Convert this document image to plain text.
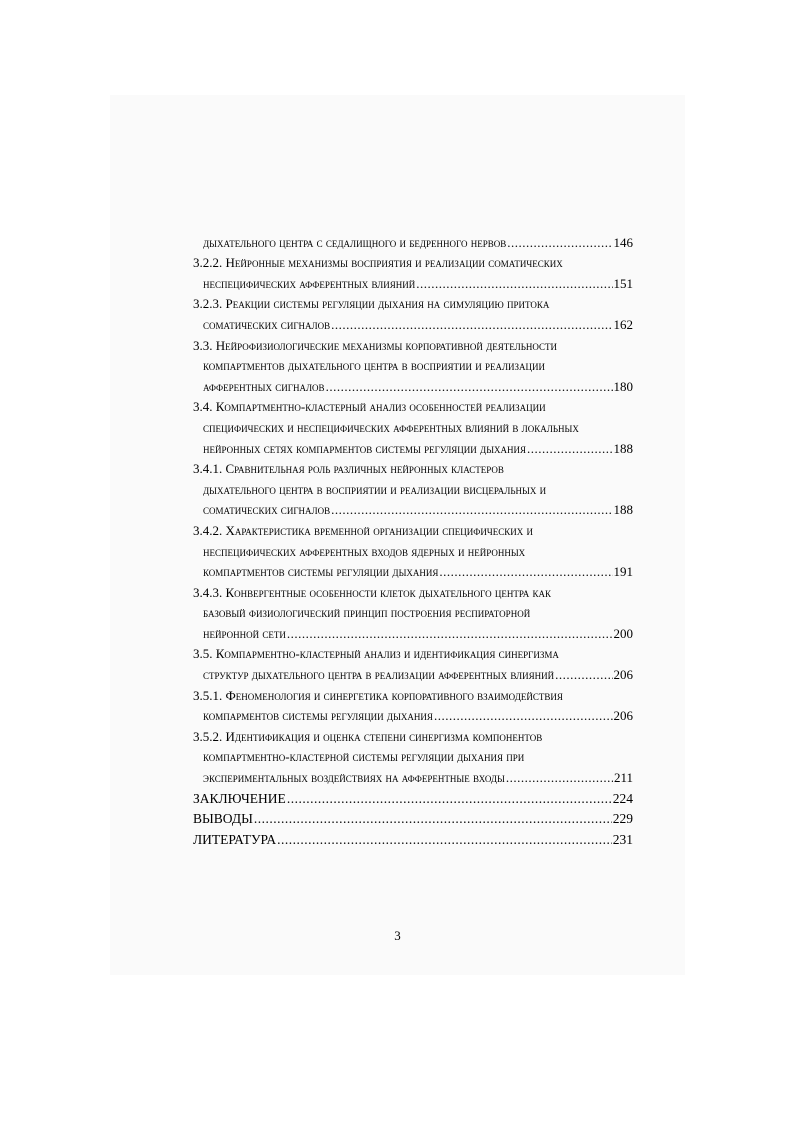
дыхательного центра с седалищного и бедренного нервов .....	146
3.2.2. Нейронные механизмы восприятия и реализации соматических
неспецифических афферентных влияний .....	151
3.2.3. Реакции системы регуляции дыхания на симуляцию притока
соматических сигналов .....	162
3.3. Нейрофизиологические механизмы корпоративной деятельности
компартментов дыхательного центра в восприятии и реализации
афферентных сигналов .....	180
3.4. Компартментно-кластерный анализ особенностей реализации
специфических и неспецифических афферентных влияний в локальных
нейронных сетях компарментов системы регуляции дыхания .....	188
3.4.1. Сравнительная роль различных нейронных кластеров
дыхательного центра в восприятии и реализации висцеральных и
соматических сигналов .....	188
3.4.2. Характеристика временной организации специфических и
неспецифических афферентных входов ядерных и нейронных
компартментов системы регуляции дыхания .....	191
3.4.3. Конвергентные особенности клеток дыхательного центра как
базовый физиологический принцип построения респираторной
нейронной сети .....	200
3.5. Компарментно-кластерный анализ и идентификация синергизма
структур дыхательного центра в реализации афферентных влияний .....	206
3.5.1. Феноменология и синергетика корпоративного взаимодействия
компарментов системы регуляции дыхания .....	206
3.5.2. Идентификация и оценка степени синергизма компонентов
компартментно-кластерной системы регуляции дыхания при
экспериментальных воздействиях на афферентные входы .....	211
ЗАКЛЮЧЕНИЕ .....	224
ВЫВОДЫ .....	229
ЛИТЕРАТУРА .....	231
3
